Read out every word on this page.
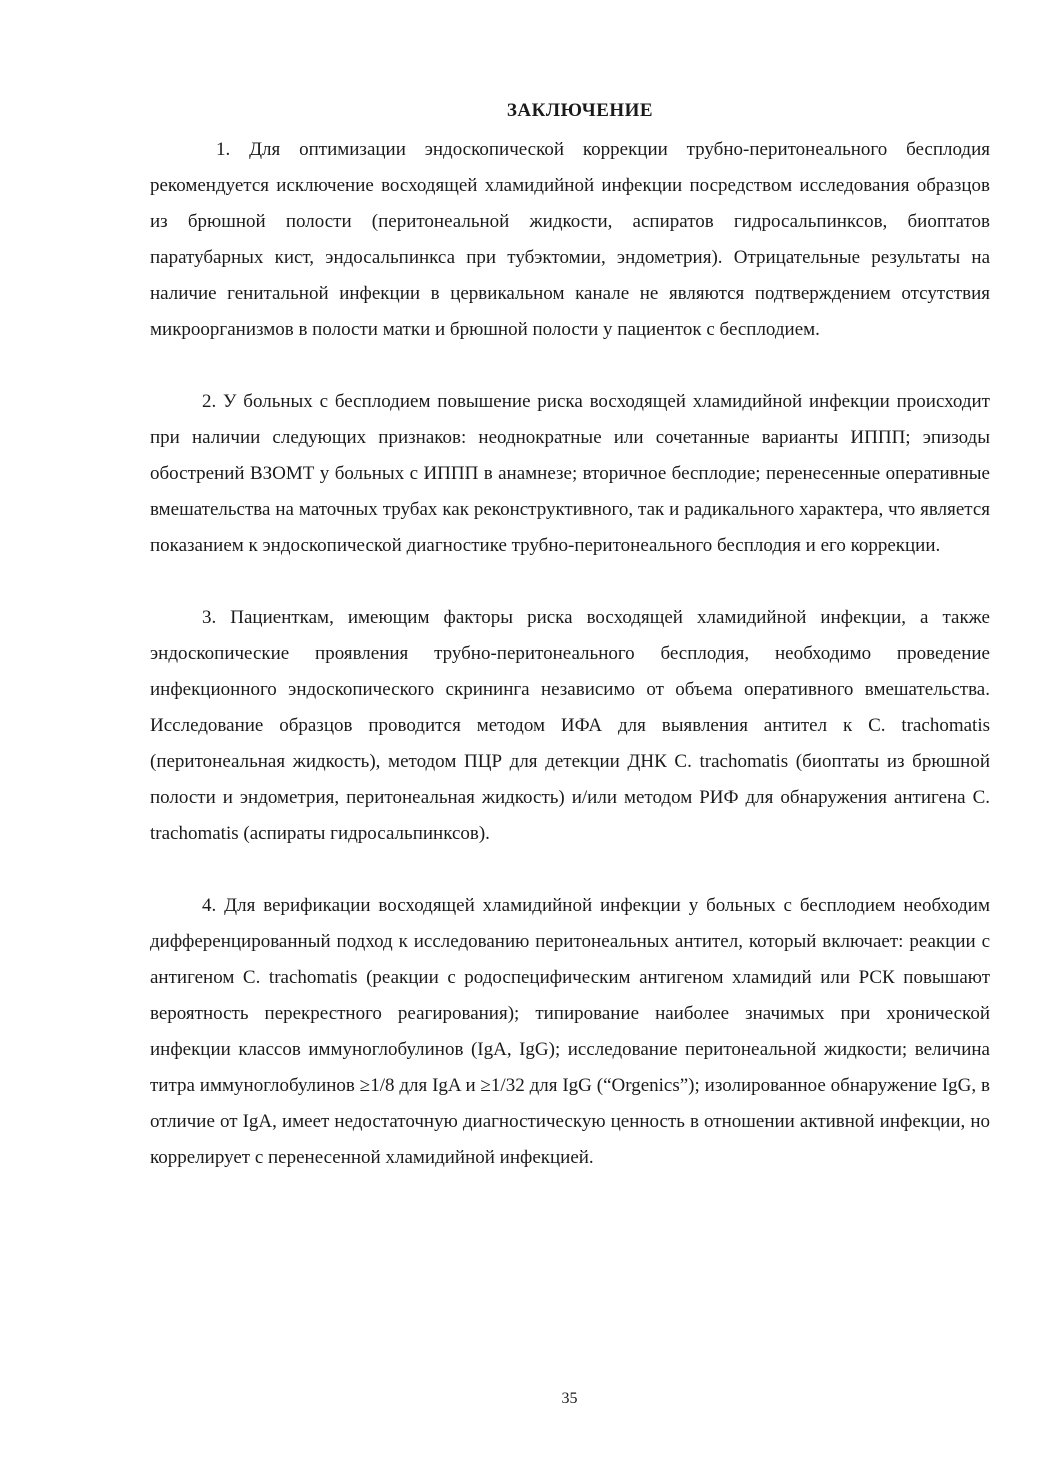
ЗАКЛЮЧЕНИЕ

1. Для оптимизации эндоскопической коррекции трубно-перитонеального бесплодия рекомендуется исключение восходящей хламидийной инфекции посредством исследования образцов из брюшной полости (перитонеальной жидкости, аспиратов гидросальпинксов, биоптатов паратубарных кист, эндосальпинкса при тубэктомии, эндометрия). Отрицательные результаты на наличие генитальной инфекции в цервикальном канале не являются подтверждением отсутствия микроорганизмов в полости матки и брюшной полости у пациенток с бесплодием.

2. У больных с бесплодием повышение риска восходящей хламидийной инфекции происходит при наличии следующих признаков: неоднократные или сочетанные варианты ИППП; эпизоды обострений ВЗОМТ у больных с ИППП в анамнезе; вторичное бесплодие; перенесенные оперативные вмешательства на маточных трубах как реконструктивного, так и радикального характера, что является показанием к эндоскопической диагностике трубно-перитонеального бесплодия и его коррекции.

3. Пациенткам, имеющим факторы риска восходящей хламидийной инфекции, а также эндоскопические проявления трубно-перитонеального бесплодия, необходимо проведение инфекционного эндоскопического скрининга независимо от объема оперативного вмешательства. Исследование образцов проводится методом ИФА для выявления антител к C. trachomatis (перитонеальная жидкость), методом ПЦР для детекции ДНК C. trachomatis (биоптаты из брюшной полости и эндометрия, перитонеальная жидкость) и/или методом РИФ для обнаружения антигена C. trachomatis (аспираты гидросальпинксов).

4. Для верификации восходящей хламидийной инфекции у больных с бесплодием необходим дифференцированный подход к исследованию перитонеальных антител, который включает: реакции с антигеном C. trachomatis (реакции с родоспецифическим антигеном хламидий или РСК повышают вероятность перекрестного реагирования); типирование наиболее значимых при хронической инфекции классов иммуноглобулинов (IgA, IgG); исследование перитонеальной жидкости; величина титра иммуноглобулинов ≥1/8 для IgA и ≥1/32 для IgG (“Orgenics”); изолированное обнаружение IgG, в отличие от IgA, имеет недостаточную диагностическую ценность в отношении активной инфекции, но коррелирует с перенесенной хламидийной инфекцией.

35
